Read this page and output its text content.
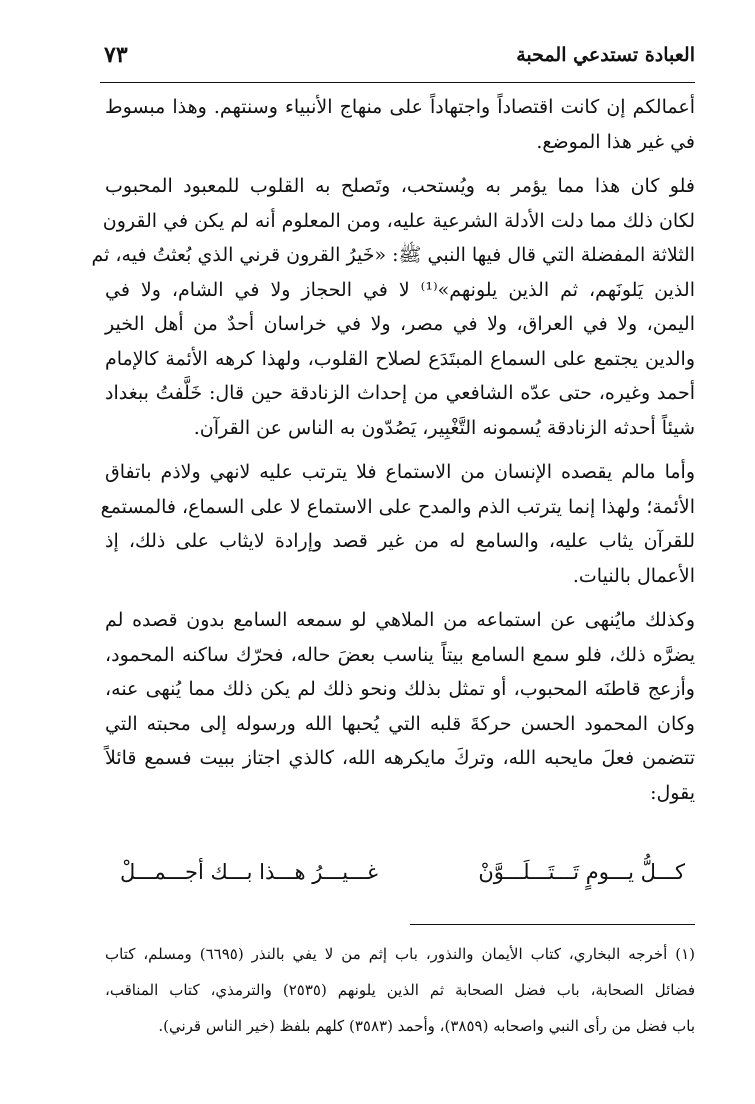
العبادة تستدعي المحبة
٧٣

أعمالكم إن كانت اقتصاداً واجتهاداً على منهاج الأنبياء وسنتهم. وهذا مبسوط
في غير هذا الموضع.

فلو كان هذا مما يؤمر به ويُستحب، وتَصلح به القلوب للمعبود المحبوب
لكان ذلك مما دلت الأدلة الشرعية عليه، ومن المعلوم أنه لم يكن في القرون
الثلاثة المفضلة التي قال فيها النبي ﷺ: «خَيرُ القرون قرني الذي بُعثتُ فيه، ثم
الذين يَلونَهم، ثم الذين يلونهم»⁽¹⁾ لا في الحجاز ولا في الشام، ولا في
اليمن، ولا في العراق، ولا في مصر، ولا في خراسان أحدٌ من أهل الخير
والدين يجتمع على السماع المبتَدَع لصلاح القلوب، ولهذا كرهه الأئمة كالإمام
أحمد وغيره، حتى عدّه الشافعي من إحداث الزنادقة حين قال: خَلَّفتُ ببغداد
شيئاً أحدثه الزنادقة يُسمونه التَّغْبِير، يَصُدّون به الناس عن القرآن.

وأما مالم يقصده الإنسان من الاستماع فلا يترتب عليه لانهي ولاذم باتفاق
الأئمة؛ ولهذا إنما يترتب الذم والمدح على الاستماع لا على السماع، فالمستمع
للقرآن يثاب عليه، والسامع له من غير قصد وإرادة لايثاب على ذلك، إذ
الأعمال بالنيات.

وكذلك مايُنهى عن استماعه من الملاهي لو سمعه السامع بدون قصده لم
يضرَّه ذلك، فلو سمع السامع بيتاً يناسب بعضَ حاله، فحرّك ساكنه المحمود،
وأزعج قاطنَه المحبوب، أو تمثل بذلك ونحو ذلك لم يكن ذلك مما يُنهى عنه،
وكان المحمود الحسن حركةَ قلبه التي يُحبها الله ورسوله إلى محبته التي
تتضمن فعلَ مايحبه الله، وتركَ مايكرهه الله، كالذي اجتاز ببيت فسمع قائلاً
يقول:

كـــلُّ يـــومٍ تَـــتَـــلَـــوَّنْ
غـــيـــرُ هـــذا بـــك أجـــمـــلْ
(١) أخرجه البخاري، كتاب الأيمان والنذور، باب إثم من لا يفي بالنذر (٦٦٩٥) ومسلم، كتاب
فضائل الصحابة، باب فضل الصحابة ثم الذين يلونهم (٢٥٣٥) والترمذي، كتاب المناقب،
باب فضل من رأى النبي واصحابه (٣٨٥٩)، وأحمد (٣٥٨٣) كلهم بلفظ (خير الناس قرني).
